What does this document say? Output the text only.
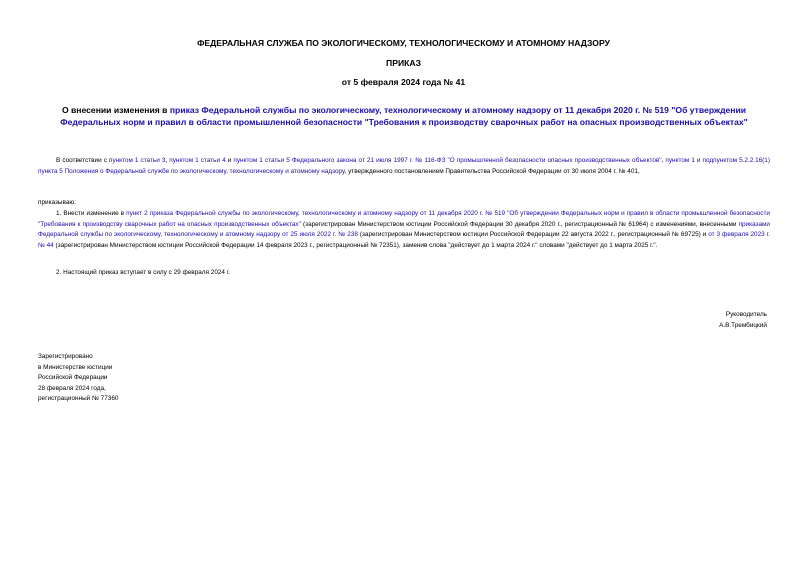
ФЕДЕРАЛЬНАЯ СЛУЖБА ПО ЭКОЛОГИЧЕСКОМУ, ТЕХНОЛОГИЧЕСКОМУ И АТОМНОМУ НАДЗОРУ
ПРИКАЗ
от 5 февраля 2024 года № 41
О внесении изменения в приказ Федеральной службы по экологическому, технологическому и атомному надзору от 11 декабря 2020 г. № 519 "Об утверждении Федеральных норм и правил в области промышленной безопасности "Требования к производству сварочных работ на опасных производственных объектах"
В соответствии с пунктом 1 статьи 3, пунктом 1 статьи 4 и пунктом 1 статьи 5 Федерального закона от 21 июля 1997 г. № 116-ФЗ "О промышленной безопасности опасных производственных объектов", пунктом 1 и подпунктом 5.2.2.16(1) пункта 5 Положения о Федеральной службе по экологическому, технологическому и атомному надзору, утвержденного постановлением Правительства Российской Федерации от 30 июля 2004 г. № 401,
приказываю:
1. Внести изменение в пункт 2 приказа Федеральной службы по экологическому, технологическому и атомному надзору от 11 декабря 2020 г. № 519 "Об утверждении Федеральных норм и правил в области промышленной безопасности "Требования к производству сварочных работ на опасных производственных объектах" (зарегистрирован Министерством юстиции Российской Федерации 30 декабря 2020 г., регистрационный № 61964) с изменениями, внесенными приказами Федеральной службы по экологическому, технологическому и атомному надзору от 25 июля 2022 г. № 238 (зарегистрирован Министерством юстиции Российской Федерации 22 августа 2022 г., регистрационный № 69725) и от 3 февраля 2023 г. № 44 (зарегистрирован Министерством юстиции Российской Федерации 14 февраля 2023 г., регистрационный № 72351), заменив слова "действует до 1 марта 2024 г." словами "действует до 1 марта 2025 г.".
2. Настоящий приказ вступает в силу с 29 февраля 2024 г.
Руководитель
А.В.Трембицкий
Зарегистрировано
в Министерстве юстиции
Российской Федерации
28 февраля 2024 года,
регистрационный № 77360
